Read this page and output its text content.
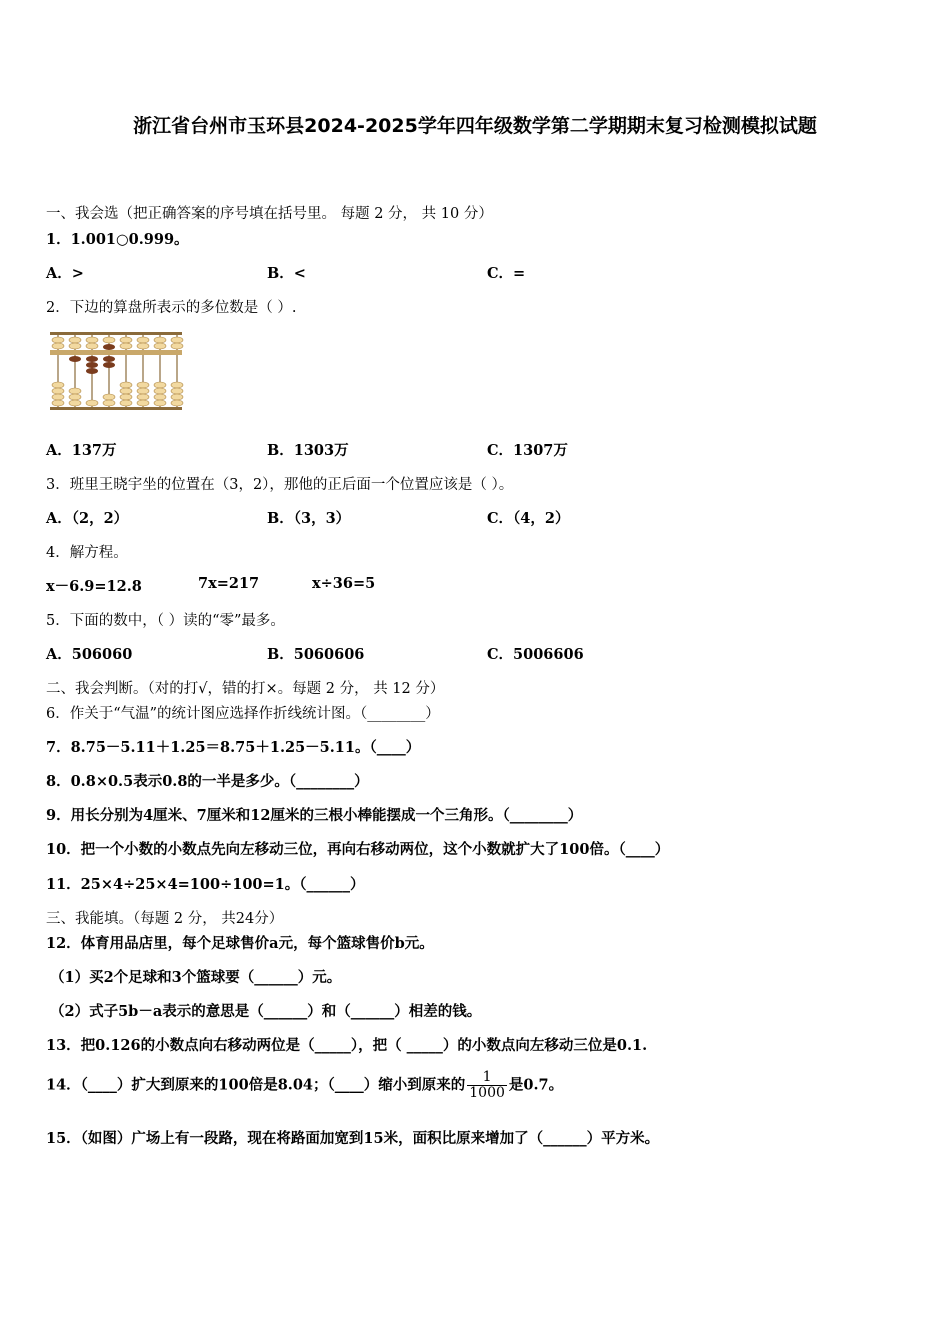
浙江省台州市玉环县2024-2025学年四年级数学第二学期期末复习检测模拟试题
一、我会选（把正确答案的序号填在括号里。 每题 2 分， 共 10 分）
1．1.001○0.999。
A．>	B．<	C．=
2．下边的算盘所表示的多位数是（ ）.
A．137万	B．1303万	C．1307万
3．班里王晓宇坐的位置在（3，2），那他的正后面一个位置应该是（ ）。
A．（2，2）	B．（3，3）	C．（4，2）
4．解方程。
x－6.9=12.8	7x=217	x÷36=5
5．下面的数中，（ ）读的“零”最多。
A．506060	B．5060606	C．5006606
二、我会判断。（对的打√，错的打×。每题 2 分， 共 12 分）
6．作关于“气温”的统计图应选择作折线统计图。（________）
7．8.75－5.11＋1.25＝8.75＋1.25－5.11。（____）
8．0.8×0.5表示0.8的一半是多少。（________）
9．用长分别为4厘米、7厘米和12厘米的三根小棒能摆成一个三角形。（________）
10．把一个小数的小数点先向左移动三位，再向右移动两位，这个小数就扩大了100倍。（____）
11．25×4÷25×4=100÷100=1。（______）
三、我能填。（每题 2 分， 共24分）
12．体育用品店里，每个足球售价a元，每个篮球售价b元。
（1）买2个足球和3个篮球要（______）元。
（2）式子5b－a表示的意思是（______）和（______）相差的钱。
13．把0.126的小数点向右移动两位是（_____），把（ _____）的小数点向左移动三位是0.1.
14．（____）扩大到原来的100倍是8.04；（____）缩小到原来的 $\frac{1}{1000}$ 是0.7。
15．（如图）广场上有一段路，现在将路面加宽到15米，面积比原来增加了（______）平方米。
